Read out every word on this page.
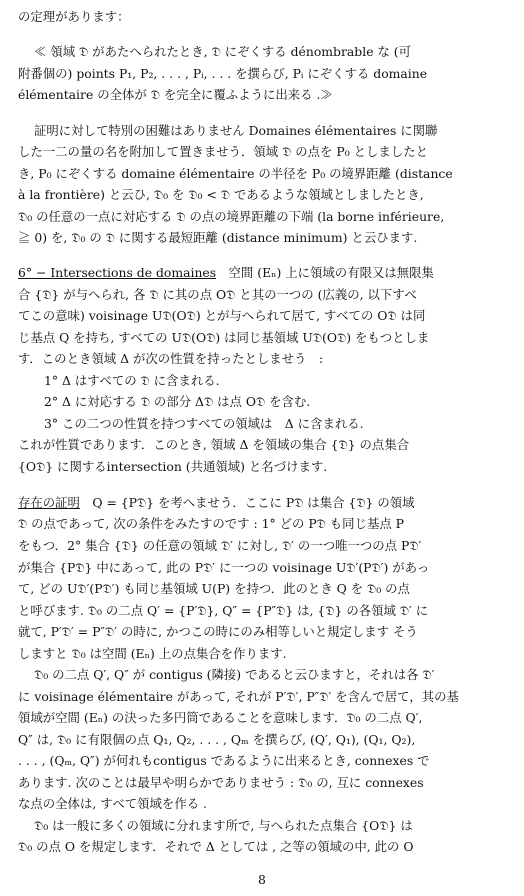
の定理があります：
≪ 領域 𝔇 があたへられたとき, 𝔇 にぞくする dénombrable な (可
附番個の) points P₁, P₂, . . . , Pᵢ, . . . を撰らび, Pᵢ にぞくする domaine
élémentaire の全体が 𝔇 を完全に覆ふように出来る .≫
証明に対して特別の困難はありません Domaines élémentaires に関聯
した一二の量の名を附加して置きませう．領域 𝔇 の点を P₀ としましたと
き, P₀ にぞくする domaine élémentaire の半径を P₀ の境界距離 (distance
à la frontière) と云ひ, 𝔇₀ を 𝔇₀ < 𝔇 であるような領域としましたとき,
𝔇₀ の任意の一点に対応する 𝔇 の点の境界距離の下端 (la borne inférieure,
≧ 0) を, 𝔇₀ の 𝔇 に関する最短距離 (distance minimum) と云ひます.
6° − Intersections de domaines　空間 (Eₙ) 上に領域の有限又は無限集
合 {𝔇} が与へられ, 各 𝔇 に其の点 O𝔇 と其の一つの (広義の, 以下すべ
てこの意味) voisinage U𝔇(O𝔇) とが与へられて居て, すべての O𝔇 は同
じ基点 Q を持ち, すべての U𝔇(O𝔇) は同じ基領域 U𝔇(O𝔇) をもつとしま
す．このとき領域 Δ が次の性質を持ったとしませう　:
1° Δ はすべての 𝔇 に含まれる.
2° Δ に対応する 𝔇 の部分 Δ𝔇 は点 O𝔇 を含む.
3° この二つの性質を持つすべての領域は　Δ に含まれる.
これが性質であります．このとき, 領域 Δ を領域の集合 {𝔇} の点集合
{O𝔇} に関するintersection (共通領域) と名づけます.
存在の証明　Q = {P𝔇} を考へませう．ここに P𝔇 は集合 {𝔇} の領域
𝔇 の点であって, 次の条件をみたすのです : 1° どの P𝔇 も同じ基点 P
をもつ．2° 集合 {𝔇} の任意の領域 𝔇′ に対し, 𝔇′ の一つ唯一つの点 P𝔇′
が集合 {P𝔇} 中にあって, 此の P𝔇′ に一つの voisinage U𝔇′(P𝔇′) があっ
て, どの U𝔇′(P𝔇′) も同じ基領域 U(P) を持つ．此のとき Q を 𝔇₀ の点
と呼びます. 𝔇₀ の二点 Q′ = {P′𝔇}, Q″ = {P″𝔇} は, {𝔇} の各領域 𝔇′ に
就て, P′𝔇′ = P″𝔇′ の時に, かつこの時にのみ相等しいと規定します そう
しますと 𝔇₀ は空間 (Eₙ) 上の点集合を作ります.
𝔇₀ の二点 Q′, Q″ が contigus (隣接) であると云ひますと，それは各 𝔇′
に voisinage élémentaire があって, それが P′𝔇′, P″𝔇′ を含んで居て，其の基
領域が空間 (Eₙ) の決った多円筒であることを意味します．𝔇₀ の二点 Q′,
Q″ は, 𝔇₀ に有限個の点 Q₁, Q₂, . . . , Qₘ を撰らび, (Q′, Q₁), (Q₁, Q₂),
. . . , (Qₘ, Q″) が何れもcontigus であるように出来るとき, connexes で
あります. 次のことは最早や明らかでありませう : 𝔇₀ の, 互に connexes
な点の全体は, すべて領域を作る .
𝔇₀ は一般に多くの領域に分れます所で, 与へられた点集合 {O𝔇} は
𝔇₀ の点 O を規定します．それで Δ としては , 之等の領域の中, 此の O
8
